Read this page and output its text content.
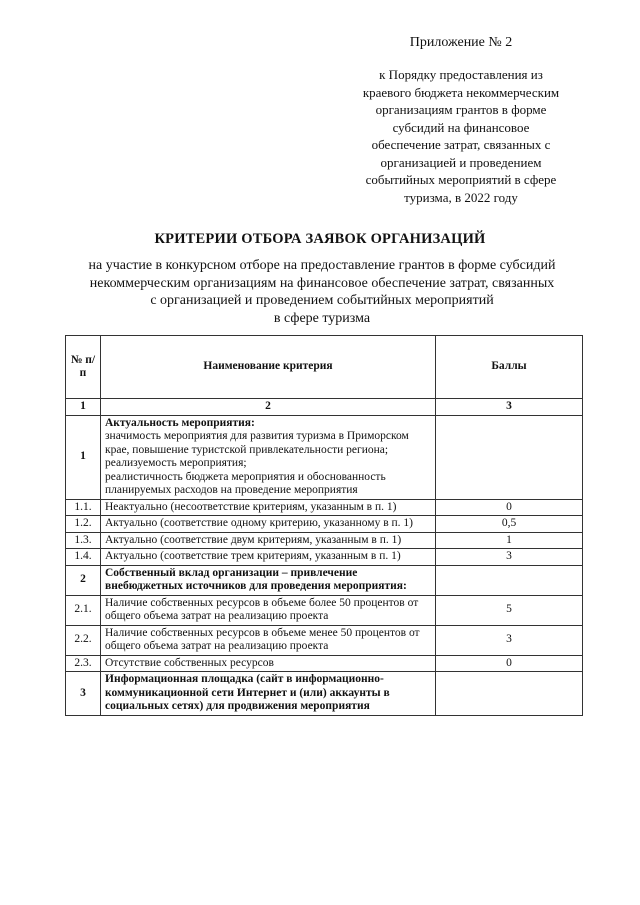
Приложение № 2
к Порядку предоставления из
краевого бюджета некоммерческим
организациям грантов в форме
субсидий на финансовое
обеспечение затрат, связанных с
организацией и проведением
событийных мероприятий в сфере
туризма, в 2022 году
КРИТЕРИИ ОТБОРА ЗАЯВОК ОРГАНИЗАЦИЙ
на участие в конкурсном отборе на предоставление грантов в форме субсидий
некоммерческим организациям на финансовое обеспечение затрат, связанных
с организацией и проведением событийных мероприятий
в сфере туризма
№ п/п	Наименование критерия	Баллы
1	2	3
1	Актуальность мероприятия:
значимость мероприятия для развития туризма в Приморском крае, повышение туристской привлекательности региона;
реализуемость мероприятия;
реалистичность бюджета мероприятия и обоснованность планируемых расходов на проведение мероприятия	

1.1.	Неактуально (несоответствие критериям, указанным в п. 1)	0
1.2.	Актуально (соответствие одному критерию, указанному в п. 1)	0,5
1.3.	Актуально (соответствие двум критериям, указанным в п. 1)	1
1.4.	Актуально (соответствие трем критериям, указанным в п. 1)	3
2	Собственный вклад организации – привлечение внебюджетных источников для проведения мероприятия:	
2.1.	Наличие собственных ресурсов в объеме более 50 процентов от общего объема затрат на реализацию проекта	5
2.2.	Наличие собственных ресурсов в объеме менее 50 процентов от общего объема затрат на реализацию проекта	3
2.3.	Отсутствие собственных ресурсов	0
3	Информационная площадка (сайт в информационно-коммуникационной сети Интернет и (или) аккаунты в социальных сетях) для продвижения мероприятия	
